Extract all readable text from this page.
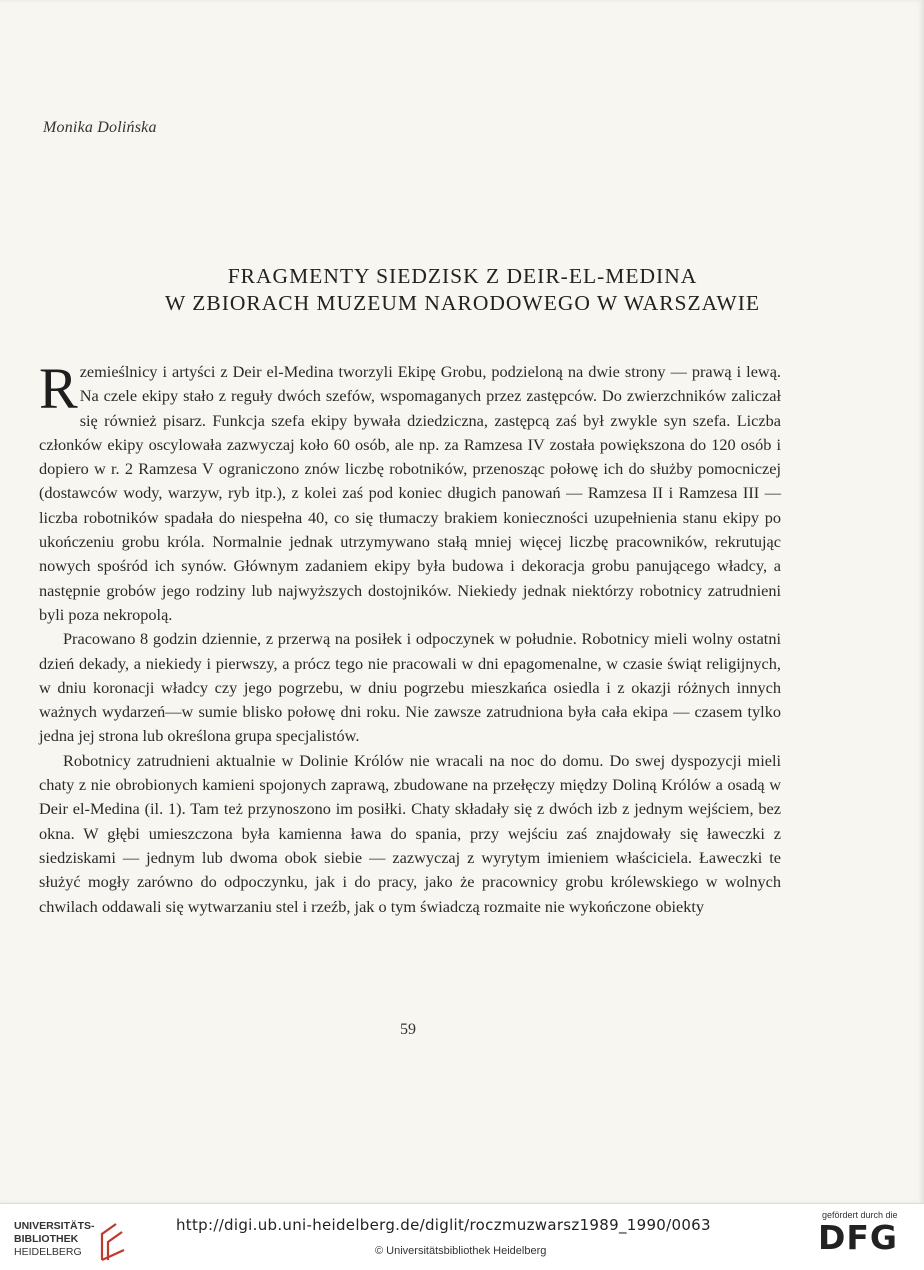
Monika Dolińska
FRAGMENTY SIEDZISK Z DEIR-EL-MEDINA
W ZBIORACH MUZEUM NARODOWEGO W WARSZAWIE

Rzemieślnicy i artyści z Deir el-Medina tworzyli Ekipę Grobu, podzieloną na dwie strony — prawą i lewą. Na czele ekipy stało z reguły dwóch szefów, wspomaganych przez zastępców. Do zwierzchników zaliczał się również pisarz. Funkcja szefa ekipy bywała dziedziczna, zastępcą zaś był zwykle syn szefa. Liczba członków ekipy oscylowała zazwyczaj koło 60 osób, ale np. za Ramzesa IV została powiększona do 120 osób i dopiero w r. 2 Ramzesa V ograniczono znów liczbę robotników, przenosząc połowę ich do służby pomocniczej (dostawców wody, warzyw, ryb itp.), z kolei zaś pod koniec długich panowań — Ramzesa II i Ramzesa III — liczba robotników spadała do niespełna 40, co się tłumaczy brakiem konieczności uzupełnienia stanu ekipy po ukończeniu grobu króla. Normalnie jednak utrzymywano stałą mniej więcej liczbę pracowników, rekrutując nowych spośród ich synów. Głównym zadaniem ekipy była budowa i dekoracja grobu panującego władcy, a następnie grobów jego rodziny lub najwyższych dostojników. Niekiedy jednak niektórzy robotnicy zatrudnieni byli poza nekropolą.

Pracowano 8 godzin dziennie, z przerwą na posiłek i odpoczynek w południe. Robotnicy mieli wolny ostatni dzień dekady, a niekiedy i pierwszy, a prócz tego nie pracowali w dni epagomenalne, w czasie świąt religijnych, w dniu koronacji władcy czy jego pogrzebu, w dniu pogrzebu mieszkańca osiedla i z okazji różnych innych ważnych wydarzeń—w sumie blisko połowę dni roku. Nie zawsze zatrudniona była cała ekipa — czasem tylko jedna jej strona lub określona grupa specjalistów.

Robotnicy zatrudnieni aktualnie w Dolinie Królów nie wracali na noc do domu. Do swej dyspozycji mieli chaty z nie obrobionych kamieni spojonych zaprawą, zbudowane na przełęczy między Doliną Królów a osadą w Deir el-Medina (il. 1). Tam też przynoszono im posiłki. Chaty składały się z dwóch izb z jednym wejściem, bez okna. W głębi umieszczona była kamienna ława do spania, przy wejściu zaś znajdowały się ławeczki z siedziskami — jednym lub dwoma obok siebie — zazwyczaj z wyrytym imieniem właściciela. Ławeczki te służyć mogły zarówno do odpoczynku, jak i do pracy, jako że pracownicy grobu królewskiego w wolnych chwilach oddawali się wytwarzaniu stel i rzeźb, jak o tym świadczą rozmaite nie wykończone obiekty

59
UNIVERSITÄTS-
BIBLIOTHEK
HEIDELBERG
http://digi.ub.uni-heidelberg.de/diglit/roczmuzwarsz1989_1990/0063
© Universitätsbibliothek Heidelberg
gefördert durch die
DFG
